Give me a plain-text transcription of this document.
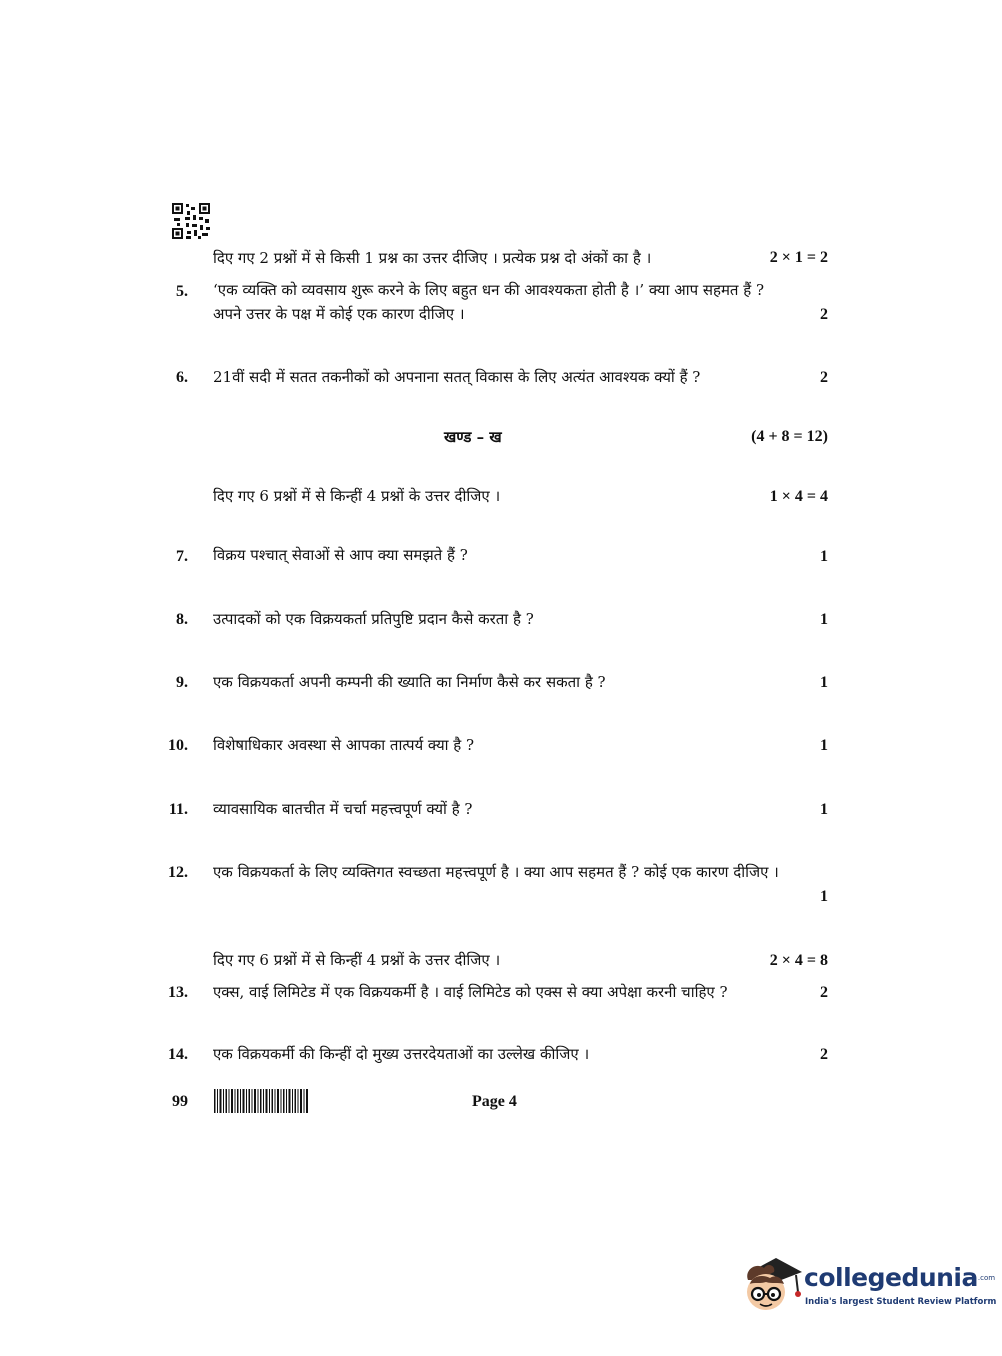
दिए गए 2 प्रश्नों में से किसी 1 प्रश्न का उत्तर दीजिए । प्रत्येक प्रश्न दो अंकों का है ।	2 × 1 = 2
5. ‘एक व्यक्ति को व्यवसाय शुरू करने के लिए बहुत धन की आवश्यकता होती है ।’ क्या आप सहमत हैं ?
अपने उत्तर के पक्ष में कोई एक कारण दीजिए ।	2
6. 21वीं सदी में सतत तकनीकों को अपनाना सतत् विकास के लिए अत्यंत आवश्यक क्यों हैं ?	2
खण्ड – ख	(4 + 8 = 12)
दिए गए 6 प्रश्नों में से किन्हीं 4 प्रश्नों के उत्तर दीजिए ।	1 × 4 = 4
7. विक्रय पश्चात् सेवाओं से आप क्या समझते हैं ?	1
8. उत्पादकों को एक विक्रयकर्ता प्रतिपुष्टि प्रदान कैसे करता है ?	1
9. एक विक्रयकर्ता अपनी कम्पनी की ख्याति का निर्माण कैसे कर सकता है ?	1
10. विशेषाधिकार अवस्था से आपका तात्पर्य क्या है ?	1
11. व्यावसायिक बातचीत में चर्चा महत्त्वपूर्ण क्यों है ?	1
12. एक विक्रयकर्ता के लिए व्यक्तिगत स्वच्छता महत्त्वपूर्ण है । क्या आप सहमत हैं ? कोई एक कारण दीजिए ।
1
दिए गए 6 प्रश्नों में से किन्हीं 4 प्रश्नों के उत्तर दीजिए ।	2 × 4 = 8
13. एक्स, वाई लिमिटेड में एक विक्रयकर्मी है । वाई लिमिटेड को एक्स से क्या अपेक्षा करनी चाहिए ?	2
14. एक विक्रयकर्मी की किन्हीं दो मुख्य उत्तरदेयताओं का उल्लेख कीजिए ।	2
99	Page 4
collegedunia$^{.com}$
India's largest Student Review Platform
